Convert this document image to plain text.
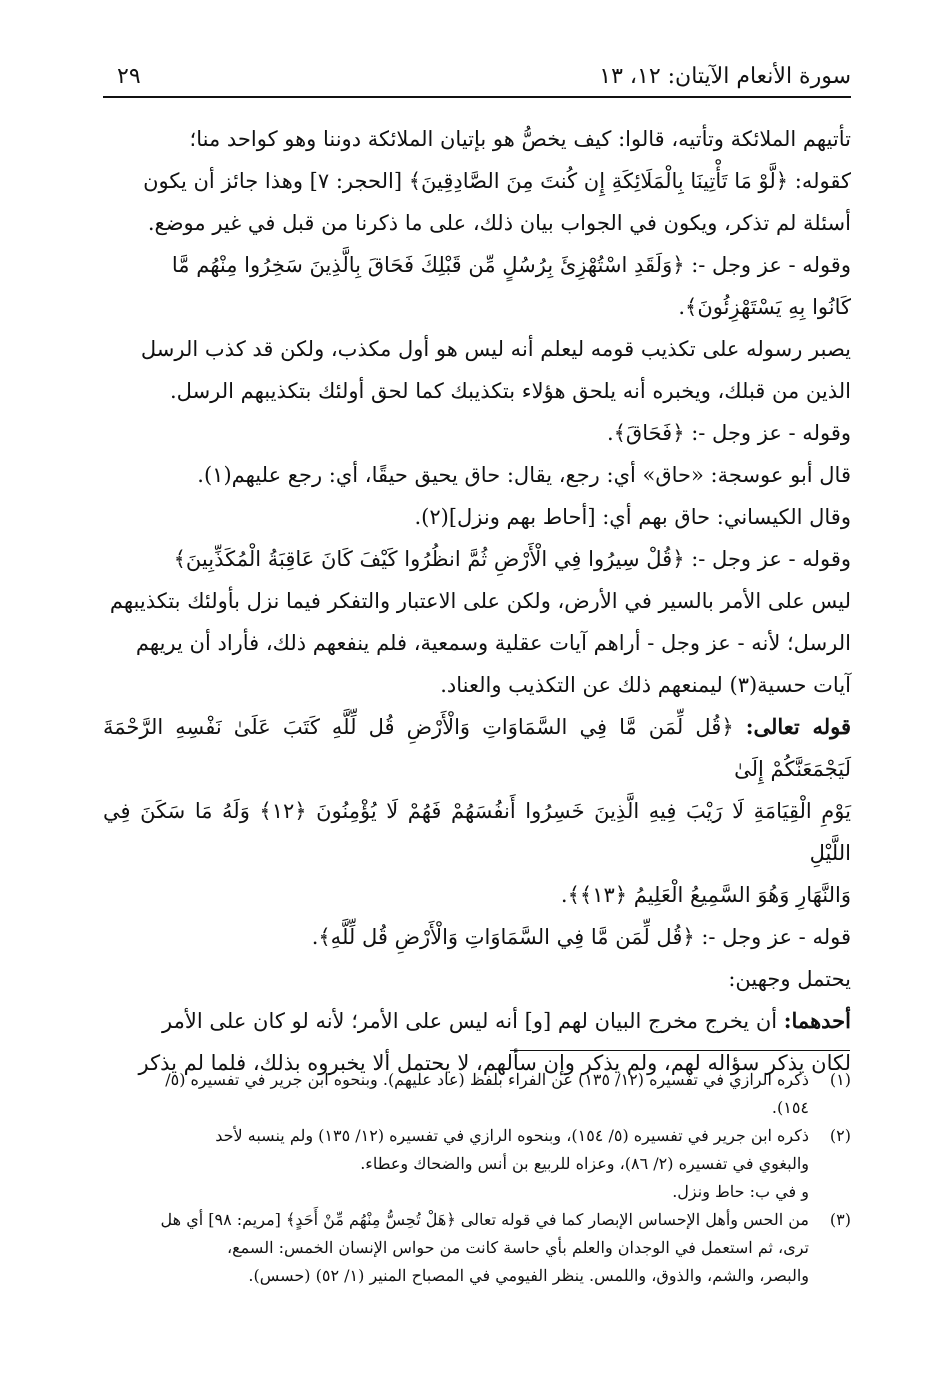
سورة الأنعام الآيتان: ١٢، ١٣
٢٩

تأتيهم الملائكة وتأتيه، قالوا: كيف يخصُّ هو بإتيان الملائكة دوننا وهو كواحد منا؛

كقوله: ﴿لَّوْ مَا تَأْتِينَا بِالْمَلَائِكَةِ إِن كُنتَ مِنَ الصَّادِقِينَ﴾ [الحجر: ٧] وهذا جائز أن يكون

أسئلة لم تذكر، ويكون في الجواب بيان ذلك، على ما ذكرنا من قبل في غير موضع.

وقوله - عز وجل -: ﴿وَلَقَدِ اسْتُهْزِئَ بِرُسُلٍ مِّن قَبْلِكَ فَحَاقَ بِالَّذِينَ سَخِرُوا مِنْهُم مَّا

كَانُوا بِهِ يَسْتَهْزِئُونَ﴾.

يصبر رسوله على تكذيب قومه ليعلم أنه ليس هو أول مكذب، ولكن قد كذب الرسل

الذين من قبلك، ويخبره أنه يلحق هؤلاء بتكذيبك كما لحق أولئك بتكذيبهم الرسل.

وقوله - عز وجل -: ﴿فَحَاقَ﴾.

قال أبو عوسجة: «حاق» أي: رجع، يقال: حاق يحيق حيقًا، أي: رجع عليهم(١).

وقال الكيساني: حاق بهم أي: [أحاط بهم ونزل](٢).

وقوله - عز وجل -: ﴿قُلْ سِيرُوا فِي الْأَرْضِ ثُمَّ انظُرُوا كَيْفَ كَانَ عَاقِبَةُ الْمُكَذِّبِينَ﴾

ليس على الأمر بالسير في الأرض، ولكن على الاعتبار والتفكر فيما نزل بأولئك بتكذيبهم

الرسل؛ لأنه - عز وجل - أراهم آيات عقلية وسمعية، فلم ينفعهم ذلك، فأراد أن يريهم

آيات حسية(٣) ليمنعهم ذلك عن التكذيب والعناد.

قوله تعالى: ﴿قُل لِّمَن مَّا فِي السَّمَاوَاتِ وَالْأَرْضِ قُل لِّلَّهِ كَتَبَ عَلَىٰ نَفْسِهِ الرَّحْمَةَ لَيَجْمَعَنَّكُمْ إِلَىٰ

يَوْمِ الْقِيَامَةِ لَا رَيْبَ فِيهِ الَّذِينَ خَسِرُوا أَنفُسَهُمْ فَهُمْ لَا يُؤْمِنُونَ ﴿١٢﴾ وَلَهُ مَا سَكَنَ فِي اللَّيْلِ

وَالنَّهَارِ وَهُوَ السَّمِيعُ الْعَلِيمُ ﴿١٣﴾﴾.

قوله - عز وجل -: ﴿قُل لِّمَن مَّا فِي السَّمَاوَاتِ وَالْأَرْضِ قُل لِّلَّهِ﴾.

يحتمل وجهين:

أحدهما: أن يخرج مخرج البيان لهم [و] أنه ليس على الأمر؛ لأنه لو كان على الأمر

لكان يذكر سؤاله لهم، ولم يذكر وإن سألهم، لا يحتمل ألا يخبروه بذلك، فلما لم يذكر

(١)
ذكره الرازي في تفسيره (١٢/ ١٣٥) عن الفراء بلفظ (عاد عليهم). وبنحوه ابن جرير في تفسيره (٥/
١٥٤).
(٢)
ذكره ابن جرير في تفسيره (٥/ ١٥٤)، وبنحوه الرازي في تفسيره (١٢/ ١٣٥) ولم ينسبه لأحد
والبغوي في تفسيره (٢/ ٨٦)، وعزاه للربيع بن أنس والضحاك وعطاء.
و في ب: حاط ونزل.
(٣)
من الحس وأهل الإحساس الإبصار كما في قوله تعالى ﴿هَلْ تُحِسُّ مِنْهُم مِّنْ أَحَدٍ﴾ [مريم: ٩٨] أي هل
ترى، ثم استعمل في الوجدان والعلم بأي حاسة كانت من حواس الإنسان الخمس: السمع،
والبصر، والشم، والذوق، واللمس. ينظر الفيومي في المصباح المنير (١/ ٥٢) (حسس).
